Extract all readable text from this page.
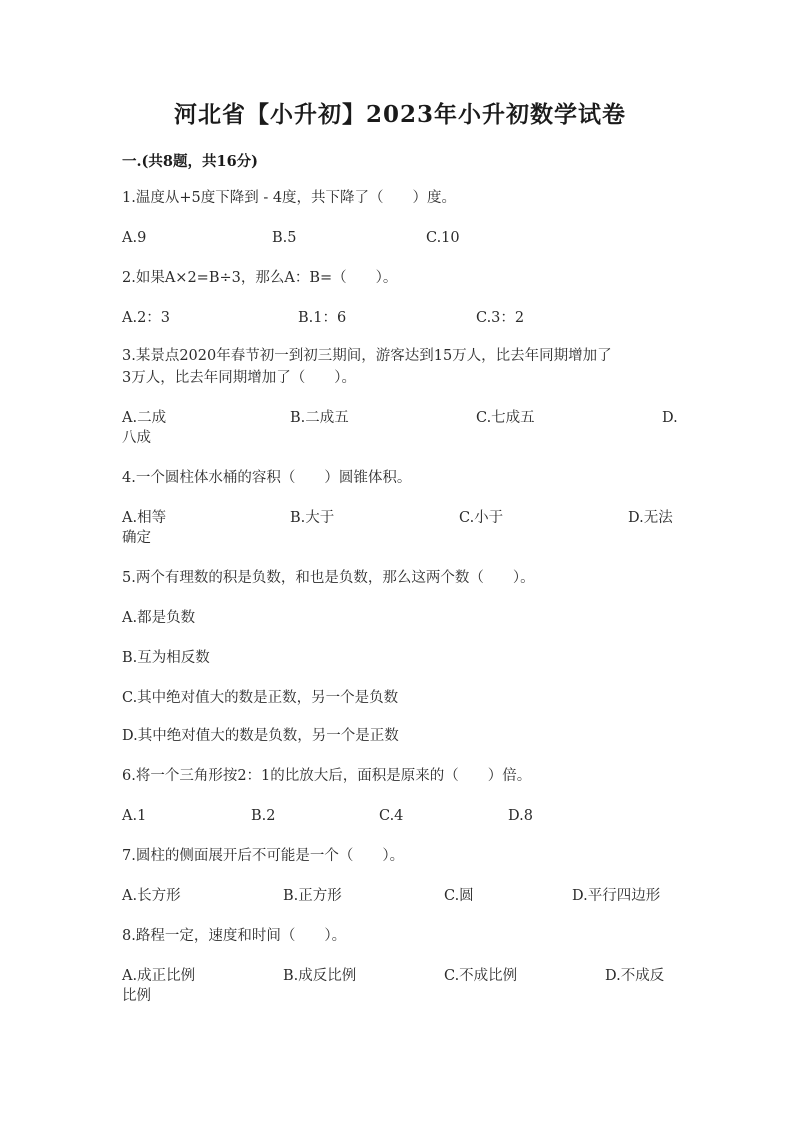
河北省【小升初】2023年小升初数学试卷
一.(共8题，共16分)
1.温度从+5度下降到 - 4度，共下降了（　　）度。
A.9	B.5	C.10
2.如果A×2=B÷3，那么A：B=（　　）。
A.2：3	B.1：6	C.3：2
3.某景点2020年春节初一到初三期间，游客达到15万人，比去年同期增加了
3万人，比去年同期增加了（　　）。
A.二成	B.二成五	C.七成五	D.
八成
4.一个圆柱体水桶的容积（　　）圆锥体积。
A.相等	B.大于	C.小于	D.无法
确定
5.两个有理数的积是负数，和也是负数，那么这两个数（　　）。
A.都是负数
B.互为相反数
C.其中绝对值大的数是正数，另一个是负数
D.其中绝对值大的数是负数，另一个是正数
6.将一个三角形按2：1的比放大后，面积是原来的（　　）倍。
A.1	B.2	C.4	D.8
7.圆柱的侧面展开后不可能是一个（　　）。
A.长方形	B.正方形	C.圆	D.平行四边形
8.路程一定，速度和时间（　　）。
A.成正比例	B.成反比例	C.不成比例	D.不成反
比例
